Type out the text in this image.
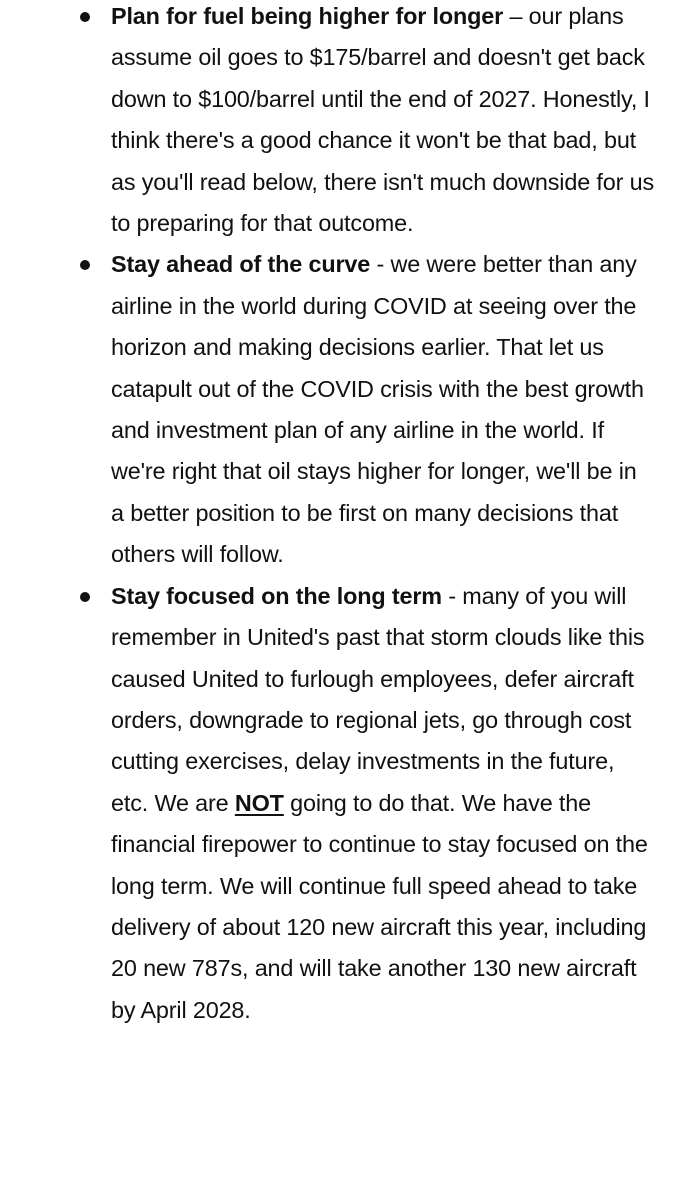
Plan for fuel being higher for longer – our plans assume oil goes to $175/barrel and doesn't get back down to $100/barrel until the end of 2027. Honestly, I think there's a good chance it won't be that bad, but as you'll read below, there isn't much downside for us to preparing for that outcome.
Stay ahead of the curve - we were better than any airline in the world during COVID at seeing over the horizon and making decisions earlier. That let us catapult out of the COVID crisis with the best growth and investment plan of any airline in the world. If we're right that oil stays higher for longer, we'll be in a better position to be first on many decisions that others will follow.
Stay focused on the long term - many of you will remember in United's past that storm clouds like this caused United to furlough employees, defer aircraft orders, downgrade to regional jets, go through cost cutting exercises, delay investments in the future, etc. We are NOT going to do that. We have the financial firepower to continue to stay focused on the long term. We will continue full speed ahead to take delivery of about 120 new aircraft this year, including 20 new 787s, and will take another 130 new aircraft by April 2028.
